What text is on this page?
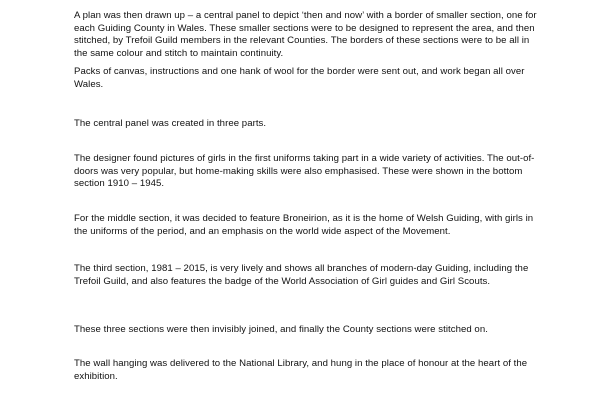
A plan was then drawn up – a central panel to depict ‘then and now’ with a border of smaller section, one for each Guiding County in Wales. These smaller sections were to be designed to represent the area, and then stitched, by Trefoil Guild members in the relevant Counties. The borders of these sections were to be all in the same colour and stitch to maintain continuity.

Packs of canvas, instructions and one hank of wool for the border were sent out, and work began all over Wales.

The central panel was created in three parts.

The designer found pictures of girls in the first uniforms taking part in a wide variety of activities. The out-of-doors was very popular, but home-making skills were also emphasised. These were shown in the bottom section 1910 – 1945.

For the middle section, it was decided to feature Broneirion, as it is the home of Welsh Guiding, with girls in the uniforms of the period, and an emphasis on the world wide aspect of the Movement.

The third section, 1981 – 2015, is very lively and shows all branches of modern-day Guiding, including the Trefoil Guild, and also features the badge of the World Association of Girl guides and Girl Scouts.

These three sections were then invisibly joined, and finally the County sections were stitched on.

The wall hanging was delivered to the National Library, and hung in the place of honour at the heart of the exhibition.
